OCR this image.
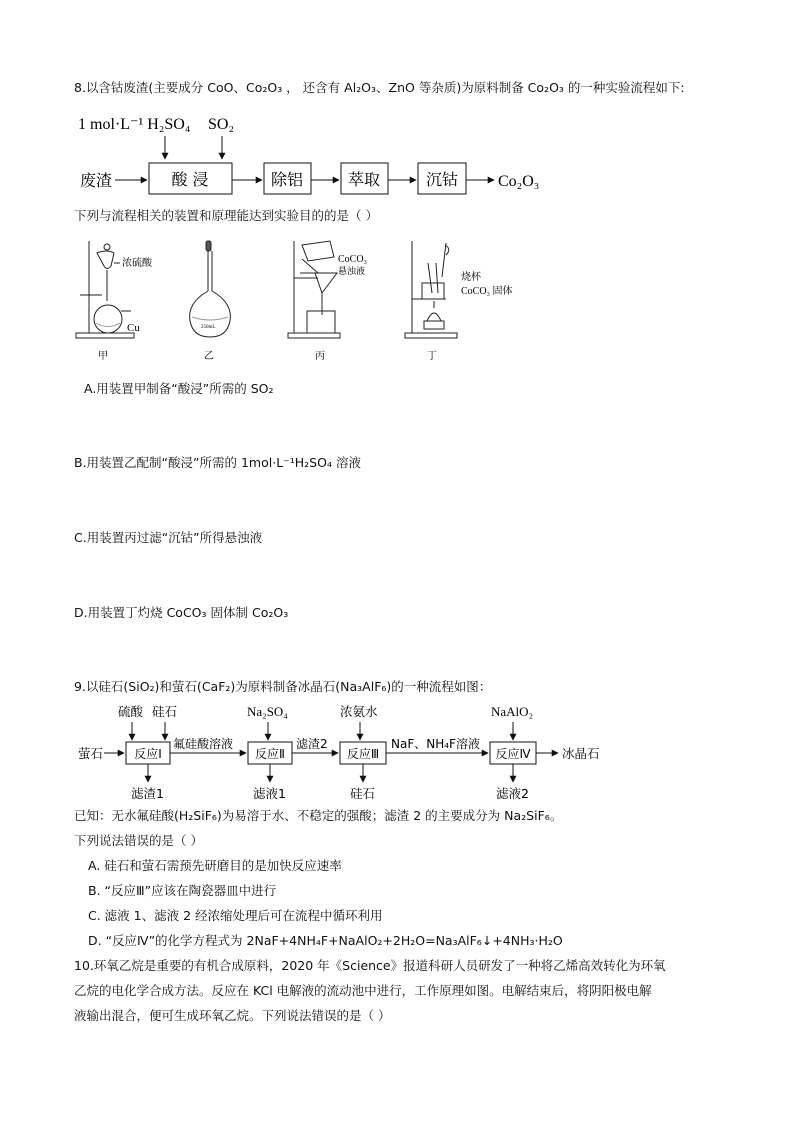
8.以含钴废渣(主要成分 CoO、Co₂O₃ ， 还含有 Al₂O₃、ZnO 等杂质)为原料制备 Co₂O₃ 的一种实验流程如下:
1 mol·L⁻¹ H₂SO₄ SO₂
废渣	酸 浸	除铝	萃取	沉钴 Co₂O₃
下列与流程相关的装置和原理能达到实验目的的是（ ）
浓硫酸
Cu
甲
250mL
乙
CoCO₃
悬浊液
丙
烧杯
CoCO₃ 固体
丁
A.用装置甲制备“酸浸”所需的 SO₂
B.用装置乙配制“酸浸”所需的 1mol·L⁻¹H₂SO₄ 溶液
C.用装置丙过滤“沉钴”所得悬浊液
D.用装置丁灼烧 CoCO₃ 固体制 Co₂O₃
9.以硅石(SiO₂)和萤石(CaF₂)为原料制备冰晶石(Na₃AlF₆)的一种流程如图：
硫酸 硅石	Na₂SO₄	浓氨水	NaAlO₂
萤石	反应Ⅰ
氟硅酸溶液
反应Ⅱ
滤渣2
反应Ⅲ
NaF、NH₄F溶液
反应Ⅳ	冰晶石
滤渣1	滤液1	硅石	滤液2
已知：无水氟硅酸(H₂SiF₆)为易溶于水、不稳定的强酸；滤渣 2 的主要成分为 Na₂SiF₆。
下列说法错误的是（ ）
A. 硅石和萤石需预先研磨目的是加快反应速率
B. “反应Ⅲ”应该在陶瓷器皿中进行
C. 滤液 1、滤液 2 经浓缩处理后可在流程中循环利用
D. “反应Ⅳ”的化学方程式为 2NaF+4NH₄F+NaAlO₂+2H₂O=Na₃AlF₆↓+4NH₃·H₂O
10.环氧乙烷是重要的有机合成原料，2020 年《Science》报道科研人员研发了一种将乙烯高效转化为环氧
乙烷的电化学合成方法。反应在 KCl 电解液的流动池中进行，工作原理如图。电解结束后，将阴阳极电解
液输出混合，便可生成环氧乙烷。下列说法错误的是（ ）
